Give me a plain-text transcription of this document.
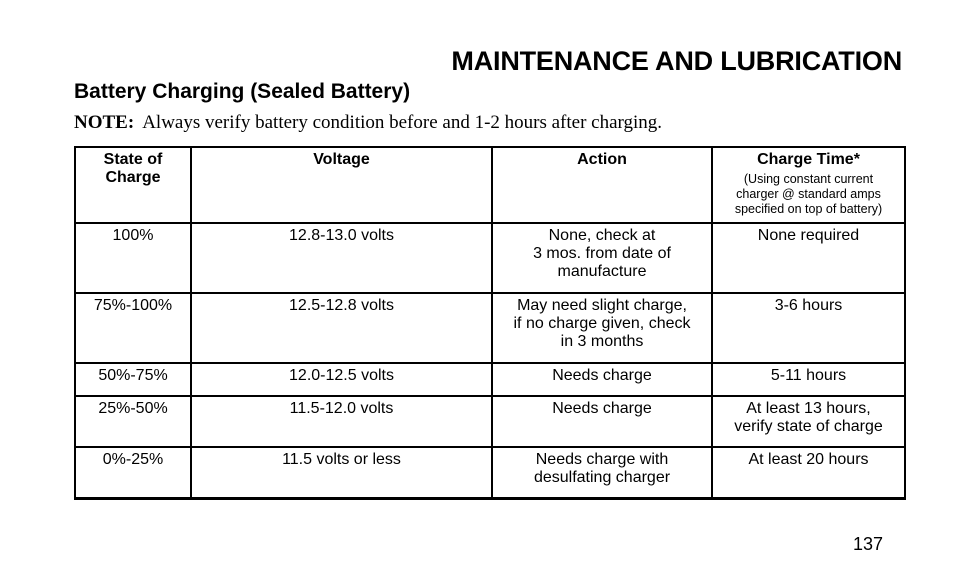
MAINTENANCE AND LUBRICATION
Battery Charging (Sealed Battery)
NOTE: Always verify battery condition before and 1-2 hours after charging.
State of
Charge	Voltage	Action	Charge Time*
(Using constant current
charger @ standard amps
specified on top of battery)

100%	12.8-13.0 volts	None, check at
3 mos. from date of
manufacture	None required

75%-100%	12.5-12.8 volts	May need slight charge,
if no charge given, check
in 3 months	3-6 hours

50%-75%	12.0-12.5 volts	Needs charge	5-11 hours

25%-50%	11.5-12.0 volts	Needs charge	At least 13 hours,
verify state of charge

0%-25%	11.5 volts or less	Needs charge with
desulfating charger	At least 20 hours
137
